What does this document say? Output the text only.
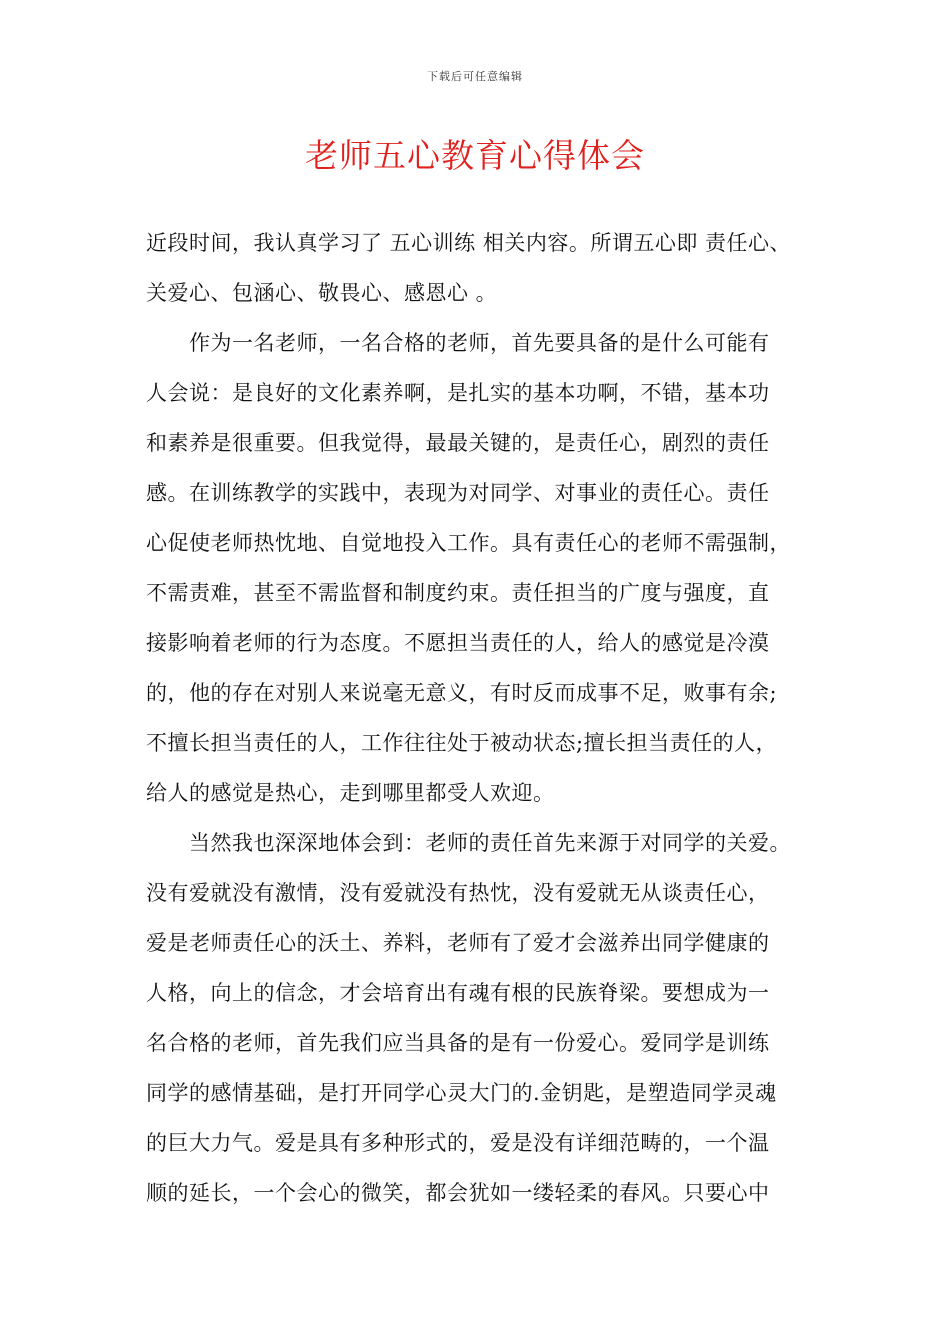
下载后可任意编辑
老师五心教育心得体会
近段时间，我认真学习了 五心训练 相关内容。所谓五心即 责任心、
关爱心、包涵心、敬畏心、感恩心 。
　　作为一名老师，一名合格的老师，首先要具备的是什么可能有
人会说：是良好的文化素养啊，是扎实的基本功啊，不错，基本功
和素养是很重要。但我觉得，最最关键的，是责任心，剧烈的责任
感。在训练教学的实践中，表现为对同学、对事业的责任心。责任
心促使老师热忱地、自觉地投入工作。具有责任心的老师不需强制，
不需责难，甚至不需监督和制度约束。责任担当的广度与强度，直
接影响着老师的行为态度。不愿担当责任的人，给人的感觉是冷漠
的，他的存在对别人来说毫无意义，有时反而成事不足，败事有余;
不擅长担当责任的人，工作往往处于被动状态;擅长担当责任的人，
给人的感觉是热心，走到哪里都受人欢迎。
　　当然我也深深地体会到：老师的责任首先来源于对同学的关爱。
没有爱就没有激情，没有爱就没有热忱，没有爱就无从谈责任心，
爱是老师责任心的沃土、养料，老师有了爱才会滋养出同学健康的
人格，向上的信念，才会培育出有魂有根的民族脊梁。要想成为一
名合格的老师，首先我们应当具备的是有一份爱心。爱同学是训练
同学的感情基础，是打开同学心灵大门的.金钥匙，是塑造同学灵魂
的巨大力气。爱是具有多种形式的，爱是没有详细范畴的，一个温
顺的延长，一个会心的微笑，都会犹如一缕轻柔的春风。只要心中
